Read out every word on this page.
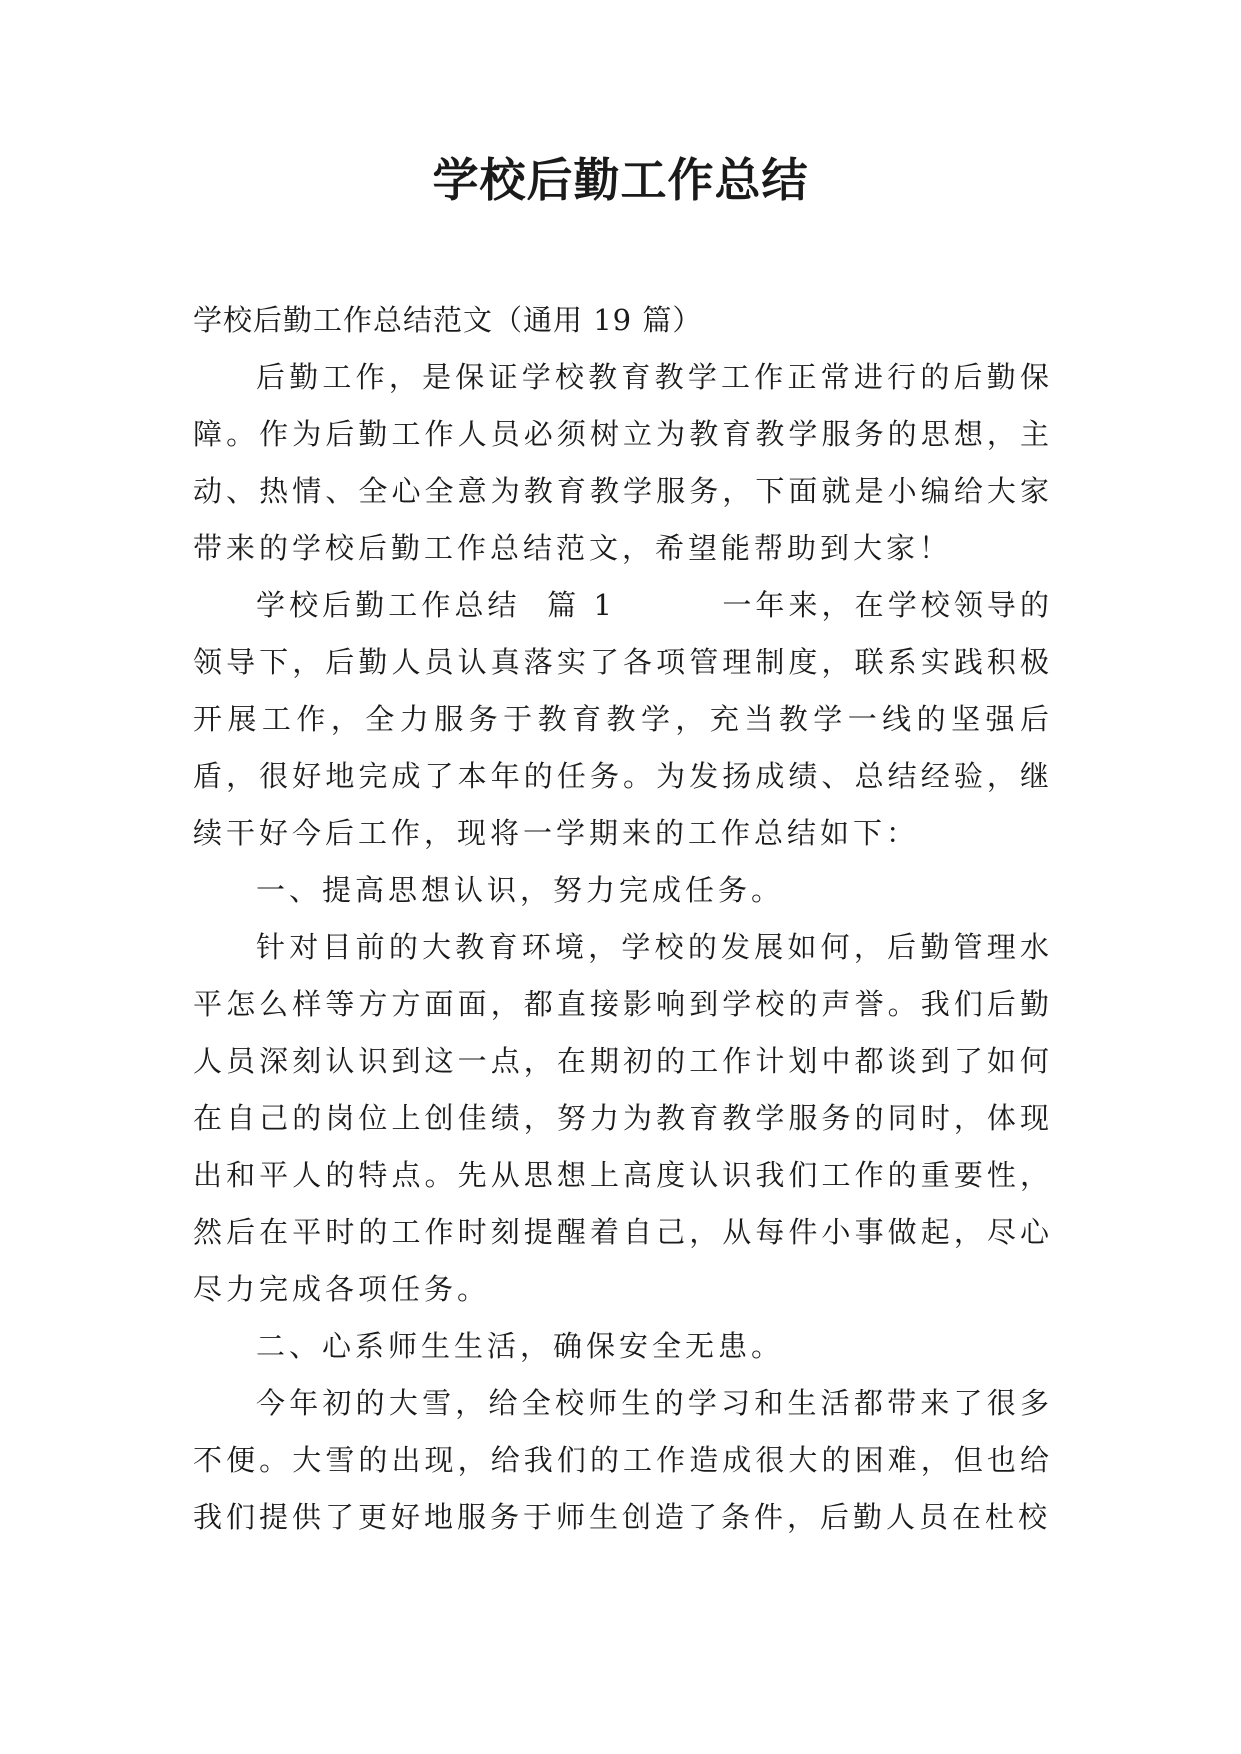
学校后勤工作总结

学校后勤工作总结范文（通用 19 篇）

后勤工作，是保证学校教育教学工作正常进行的后勤保障。作为后勤工作人员必须树立为教育教学服务的思想，主动、热情、全心全意为教育教学服务，下面就是小编给大家带来的学校后勤工作总结范文，希望能帮助到大家！

学校后勤工作总结  篇 1        一年来，在学校领导的领导下，后勤人员认真落实了各项管理制度，联系实践积极开展工作，全力服务于教育教学，充当教学一线的坚强后盾，很好地完成了本年的任务。为发扬成绩、总结经验，继续干好今后工作，现将一学期来的工作总结如下：

一、提高思想认识，努力完成任务。

针对目前的大教育环境，学校的发展如何，后勤管理水平怎么样等方方面面，都直接影响到学校的声誉。我们后勤人员深刻认识到这一点，在期初的工作计划中都谈到了如何在自己的岗位上创佳绩，努力为教育教学服务的同时，体现出和平人的特点。先从思想上高度认识我们工作的重要性，然后在平时的工作时刻提醒着自己，从每件小事做起，尽心尽力完成各项任务。

二、心系师生生活，确保安全无患。

今年初的大雪，给全校师生的学习和生活都带来了很多不便。大雪的出现，给我们的工作造成很大的困难，但也给我们提供了更好地服务于师生创造了条件，后勤人员在杜校
